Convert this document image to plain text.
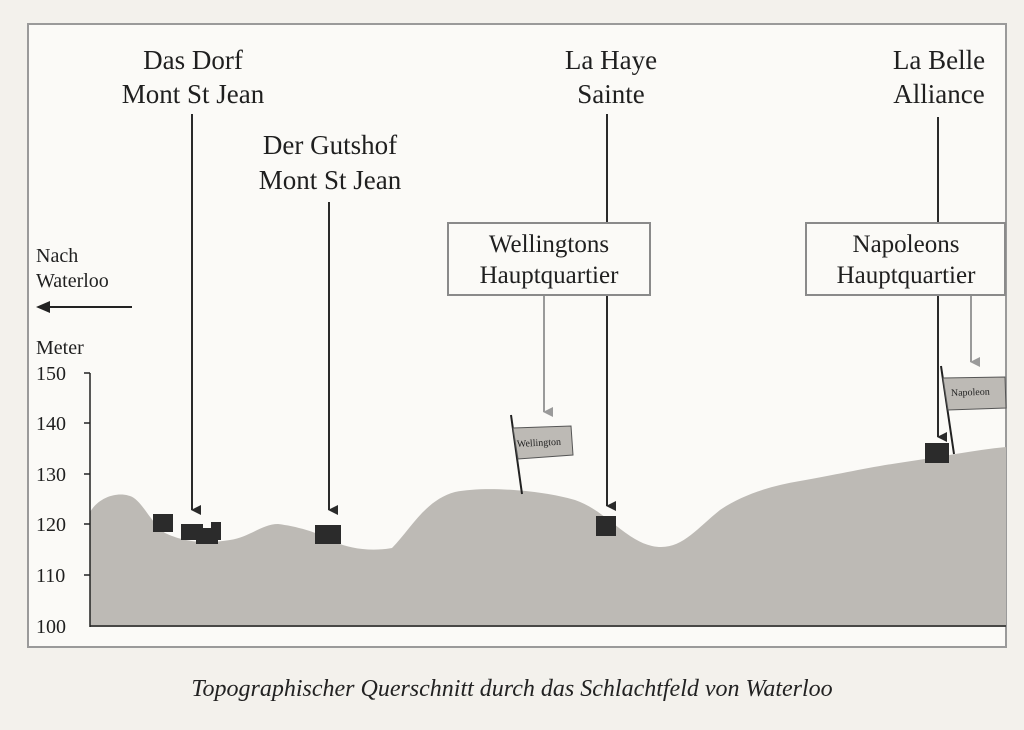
Meter
150
140
130
120
110
100
Nach
Waterloo
Das Dorf
Mont St Jean
Der Gutshof
Mont St Jean
La Haye
Sainte
La Belle
Alliance
Wellingtons
Hauptquartier
Napoleons
Hauptquartier
Wellington
Napoleon
Topographischer Querschnitt durch das Schlachtfeld von Waterloo
